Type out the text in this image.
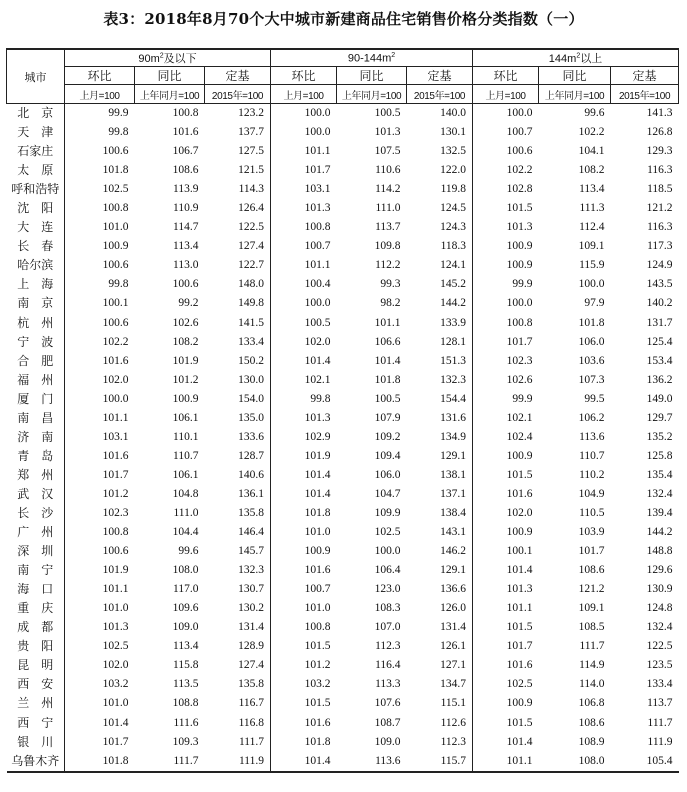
表3：2018年8月70个大中城市新建商品住宅销售价格分类指数（一）
城市	$90m^2$及以下			$90-144m^2$			$144m^2$以上		
	环比	同比	定基	环比	同比	定基	环比	同比	定基
	上月=100	上年同月=100	2015年=100	上月=100	上年同月=100	2015年=100	上月=100	上年同月=100	2015年=100
北　京	99.9	100.8	123.2	100.0	100.5	140.0	100.0	99.6	141.3
天　津	99.8	101.6	137.7	100.0	101.3	130.1	100.7	102.2	126.8
石家庄	100.6	106.7	127.5	101.1	107.5	132.5	100.6	104.1	129.3
太　原	101.8	108.6	121.5	101.7	110.6	122.0	102.2	108.2	116.3
呼和浩特	102.5	113.9	114.3	103.1	114.2	119.8	102.8	113.4	118.5
沈　阳	100.8	110.9	126.4	101.3	111.0	124.5	101.5	111.3	121.2
大　连	101.0	114.7	122.5	100.8	113.7	124.3	101.3	112.4	116.3
长　春	100.9	113.4	127.4	100.7	109.8	118.3	100.9	109.1	117.3
哈尔滨	100.6	113.0	122.7	101.1	112.2	124.1	100.9	115.9	124.9
上　海	99.8	100.6	148.0	100.4	99.3	145.2	99.9	100.0	143.5
南　京	100.1	99.2	149.8	100.0	98.2	144.2	100.0	97.9	140.2
杭　州	100.6	102.6	141.5	100.5	101.1	133.9	100.8	101.8	131.7
宁　波	102.2	108.2	133.4	102.0	106.6	128.1	101.7	106.0	125.4
合　肥	101.6	101.9	150.2	101.4	101.4	151.3	102.3	103.6	153.4
福　州	102.0	101.2	130.0	102.1	101.8	132.3	102.6	107.3	136.2
厦　门	100.0	100.9	154.0	99.8	100.5	154.4	99.9	99.5	149.0
南　昌	101.1	106.1	135.0	101.3	107.9	131.6	102.1	106.2	129.7
济　南	103.1	110.1	133.6	102.9	109.2	134.9	102.4	113.6	135.2
青　岛	101.6	110.7	128.7	101.9	109.4	129.1	100.9	110.7	125.8
郑　州	101.7	106.1	140.6	101.4	106.0	138.1	101.5	110.2	135.4
武　汉	101.2	104.8	136.1	101.4	104.7	137.1	101.6	104.9	132.4
长　沙	102.3	111.0	135.8	101.8	109.9	138.4	102.0	110.5	139.4
广　州	100.8	104.4	146.4	101.0	102.5	143.1	100.9	103.9	144.2
深　圳	100.6	99.6	145.7	100.9	100.0	146.2	100.1	101.7	148.8
南　宁	101.9	108.0	132.3	101.6	106.4	129.1	101.4	108.6	129.6
海　口	101.1	117.0	130.7	100.7	123.0	136.6	101.3	121.2	130.9
重　庆	101.0	109.6	130.2	101.0	108.3	126.0	101.1	109.1	124.8
成　都	101.3	109.0	131.4	100.8	107.0	131.4	101.5	108.5	132.4
贵　阳	102.5	113.4	128.9	101.5	112.3	126.1	101.7	111.7	122.5
昆　明	102.0	115.8	127.4	101.2	116.4	127.1	101.6	114.9	123.5
西　安	103.2	113.5	135.8	103.2	113.3	134.7	102.5	114.0	133.4
兰　州	101.0	108.8	116.7	101.5	107.6	115.1	100.9	106.8	113.7
西　宁	101.4	111.6	116.8	101.6	108.7	112.6	101.5	108.6	111.7
银　川	101.7	109.3	111.7	101.8	109.0	112.3	101.4	108.9	111.9
乌鲁木齐	101.8	111.7	111.9	101.4	113.6	115.7	101.1	108.0	105.4
